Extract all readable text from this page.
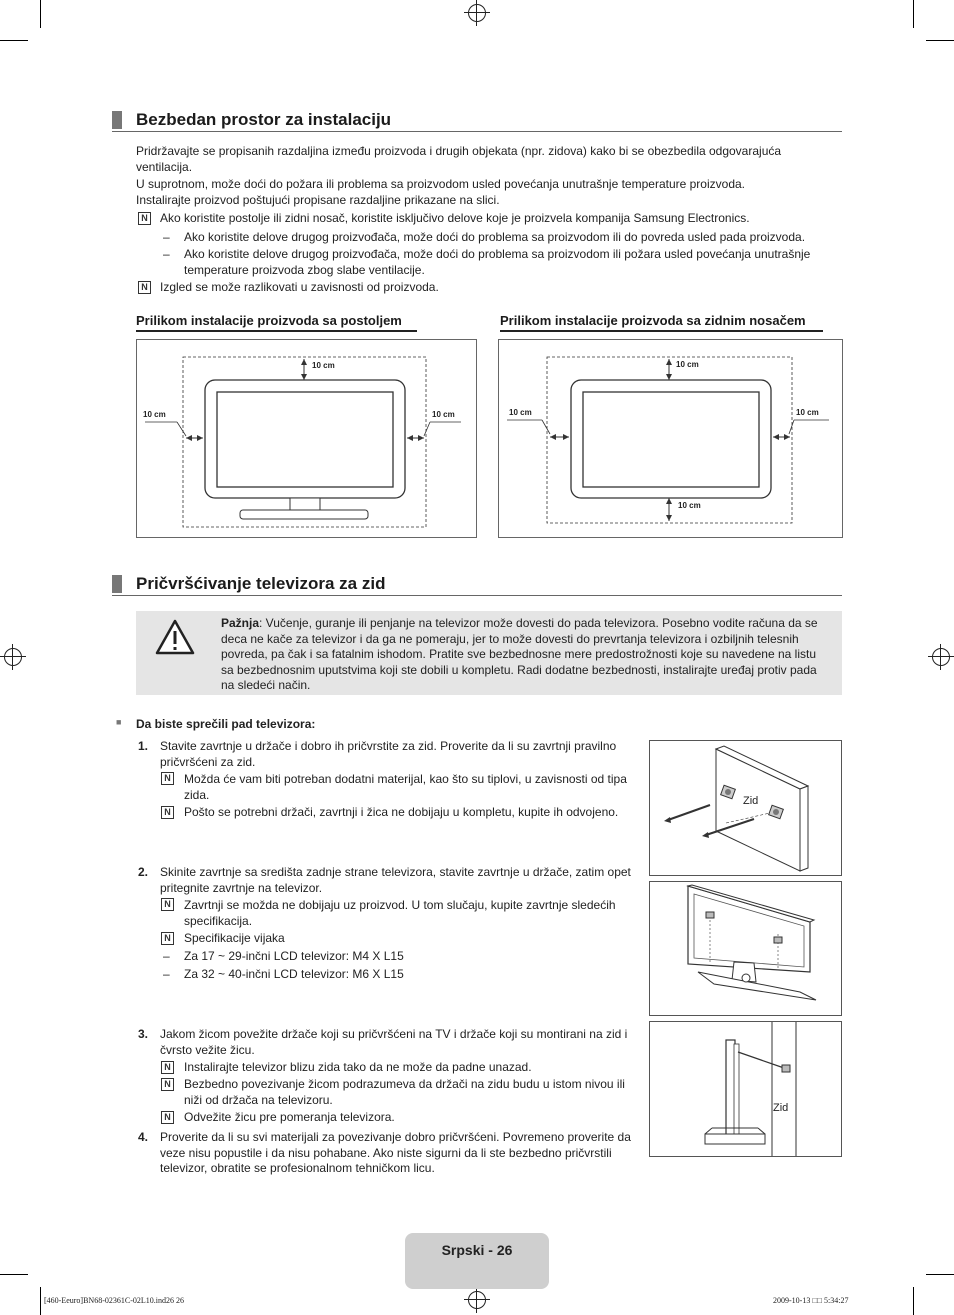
Bezbedan prostor za instalaciju
Pridržavajte se propisanih razdaljina između proizvoda i drugih objekata (npr. zidova) kako bi se obezbedila odgovarajuća ventilacija.
U suprotnom, može doći do požara ili problema sa proizvodom usled povećanja unutrašnje temperature proizvoda.
Instalirajte proizvod poštujući propisane razdaljine prikazane na slici.
N Ako koristite postolje ili zidni nosač, koristite isključivo delove koje je proizvela kompanija Samsung Electronics.
– Ako koristite delove drugog proizvođača, može doći do problema sa proizvodom ili do povreda usled pada proizvoda.
– Ako koristite delove drugog proizvođača, može doći do problema sa proizvodom ili požara usled povećanja unutrašnje temperature proizvoda zbog slabe ventilacije.
N Izgled se može razlikovati u zavisnosti od proizvoda.
Prilikom instalacije proizvoda sa postoljem	Prilikom instalacije proizvoda sa zidnim nosačem
10 cm
10 cm	10 cm
10 cm
10 cm	10 cm
10 cm
Pričvršćivanje televizora za zid
Pažnja: Vučenje, guranje ili penjanje na televizor može dovesti do pada televizora. Posebno vodite računa da se deca ne kače za televizor i da ga ne pomeraju, jer to može dovesti do prevrtanja televizora i ozbiljnih telesnih povreda, pa čak i sa fatalnim ishodom. Pratite sve bezbednosne mere predostrožnosti koje su navedene na listu sa bezbednosnim uputstvima koji ste dobili u kompletu. Radi dodatne bezbednosti, instalirajte uređaj protiv pada na sledeći način.
■ Da biste sprečili pad televizora:
1. Stavite zavrtnje u držače i dobro ih pričvrstite za zid. Proverite da li su zavrtnji pravilno pričvršćeni za zid.
N Možda će vam biti potreban dodatni materijal, kao što su tiplovi, u zavisnosti od tipa zida.
N Pošto se potrebni držači, zavrtnji i žica ne dobijaju u kompletu, kupite ih odvojeno.
2. Skinite zavrtnje sa središta zadnje strane televizora, stavite zavrtnje u držače, zatim opet pritegnite zavrtnje na televizor.
N Zavrtnji se možda ne dobijaju uz proizvod. U tom slučaju, kupite zavrtnje sledećih specifikacija.
N Specifikacije vijaka
– Za 17 ~ 29-inčni LCD televizor: M4 X L15
– Za 32 ~ 40-inčni LCD televizor: M6 X L15
3. Jakom žicom povežite držače koji su pričvršćeni na TV i držače koji su montirani na zid i čvrsto vežite žicu.
N Instalirajte televizor blizu zida tako da ne može da padne unazad.
N Bezbedno povezivanje žicom podrazumeva da držači na zidu budu u istom nivou ili niži od držača na televizoru.
N Odvežite žicu pre pomeranja televizora.
4. Proverite da li su svi materijali za povezivanje dobro pričvršćeni. Povremeno proverite da veze nisu popustile i da nisu pohabane. Ako niste sigurni da li ste bezbedno pričvrstili televizor, obratite se profesionalnom tehničkom licu.
Zid
Zid
Srpski - 26
[460-Eeuro]BN68-02361C-02L10.ind26 26	2009-10-13 □□ 5:34:27
